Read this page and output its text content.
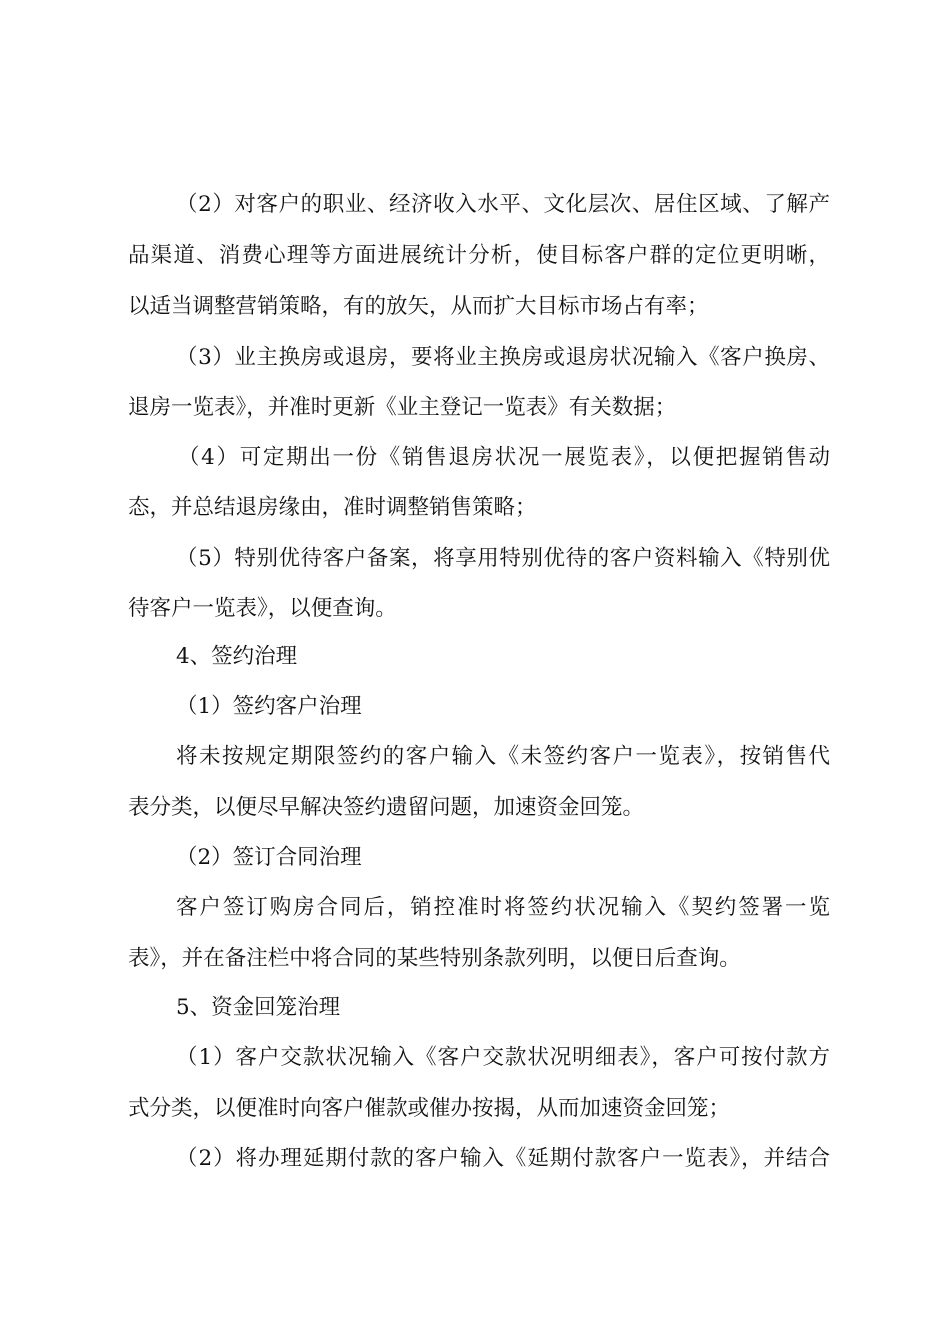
（2）对客户的职业、经济收入水平、文化层次、居住区域、了解产
品渠道、消费心理等方面进展统计分析，使目标客户群的定位更明晰，
以适当调整营销策略，有的放矢，从而扩大目标市场占有率；
（3）业主换房或退房，要将业主换房或退房状况输入《客户换房、
退房一览表》，并准时更新《业主登记一览表》有关数据；
（4）可定期出一份《销售退房状况一展览表》，以便把握销售动
态，并总结退房缘由，准时调整销售策略；
（5）特别优待客户备案，将享用特别优待的客户资料输入《特别优
待客户一览表》，以便查询。
4、签约治理
（1）签约客户治理
将未按规定期限签约的客户输入《未签约客户一览表》，按销售代
表分类，以便尽早解决签约遗留问题，加速资金回笼。
（2）签订合同治理
客户签订购房合同后，销控准时将签约状况输入《契约签署一览
表》，并在备注栏中将合同的某些特别条款列明，以便日后查询。
5、资金回笼治理
（1）客户交款状况输入《客户交款状况明细表》，客户可按付款方
式分类，以便准时向客户催款或催办按揭，从而加速资金回笼；
（2）将办理延期付款的客户输入《延期付款客户一览表》，并结合
